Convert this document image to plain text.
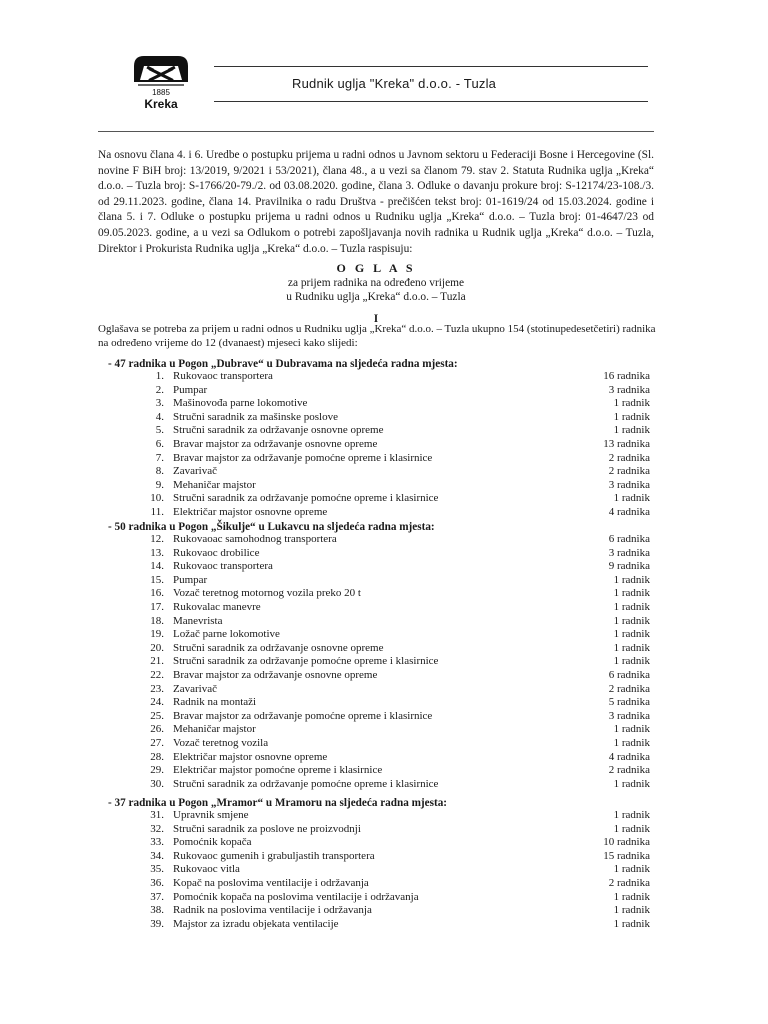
1885
Kreka
Rudnik uglja "Kreka" d.o.o. - Tuzla
Na osnovu člana 4. i 6. Uredbe o postupku prijema u radni odnos u Javnom sektoru u Federaciji Bosne i Hercegovine (Sl. novine F BiH broj: 13/2019, 9/2021 i 53/2021), člana 48., a u vezi sa članom 79. stav 2. Statuta Rudnika uglja „Kreka“ d.o.o. – Tuzla broj: S-1766/20-79./2. od 03.08.2020. godine, člana 3. Odluke o davanju prokure broj: S-12174/23-108./3. od 29.11.2023. godine, člana 14. Pravilnika o radu Društva - prečišćen tekst broj: 01-1619/24 od 15.03.2024. godine i člana 5. i 7. Odluke o postupku prijema u radni odnos u Rudniku uglja „Kreka“ d.o.o. – Tuzla broj: 01-4647/23 od 09.05.2023. godine, a u vezi sa Odlukom o potrebi zapošljavanja novih radnika u Rudnik uglja „Kreka“ d.o.o. – Tuzla, Direktor i Prokurista Rudnika uglja „Kreka“ d.o.o. – Tuzla raspisuju:
O G L A S
za prijem radnika na određeno vrijeme
u Rudniku uglja „Kreka“ d.o.o. – Tuzla
I
Oglašava se potreba za prijem u radni odnos u Rudniku uglja „Kreka“ d.o.o. – Tuzla ukupno 154 (stotinupedesetčetiri) radnika na određeno vrijeme do 12 (dvanaest) mjeseci kako slijedi:
- 47 radnika u Pogon „Dubrave“ u Dubravama na sljedeća radna mjesta:
1. Rukovaoc transportera	16 radnika
2. Pumpar	3 radnika
3. Mašinovođa parne lokomotive	1 radnik
4. Stručni saradnik za mašinske poslove	1 radnik
5. Stručni saradnik za održavanje osnovne opreme	1 radnik
6. Bravar majstor za održavanje osnovne opreme	13 radnika
7. Bravar majstor za održavanje pomoćne opreme i klasirnice	2 radnika
8. Zavarivač	2 radnika
9. Mehaničar majstor	3 radnika
10. Stručni saradnik za održavanje pomoćne opreme i klasirnice	1 radnik
11. Električar majstor osnovne opreme	4 radnika
- 50 radnika u Pogon „Šikulje“ u Lukavcu na sljedeća radna mjesta:
12. Rukovaoac samohodnog transportera	6 radnika
13. Rukovaoc drobilice	3 radnika
14. Rukovaoc transportera	9 radnika
15. Pumpar	1 radnik
16. Vozač teretnog motornog vozila preko 20 t	1 radnik
17. Rukovalac manevre	1 radnik
18. Manevrista	1 radnik
19. Ložač parne lokomotive	1 radnik
20. Stručni saradnik za održavanje osnovne opreme	1 radnik
21. Stručni saradnik za održavanje pomoćne opreme i klasirnice	1 radnik
22. Bravar majstor za održavanje osnovne opreme	6 radnika
23. Zavarivač	2 radnika
24. Radnik na montaži	5 radnika
25. Bravar majstor za održavanje pomoćne opreme i klasirnice	3 radnika
26. Mehaničar majstor	1 radnik
27. Vozač teretnog vozila	1 radnik
28. Električar majstor osnovne opreme	4 radnika
29. Električar majstor pomoćne opreme i klasirnice	2 radnika
30. Stručni saradnik za održavanje pomoćne opreme i klasirnice	1 radnik
- 37 radnika u Pogon „Mramor“ u Mramoru na sljedeća radna mjesta:
31. Upravnik smjene	1 radnik
32. Stručni saradnik za poslove ne proizvodnji	1 radnik
33. Pomoćnik kopača	10 radnika
34. Rukovaoc gumenih i grabuljastih transportera	15 radnika
35. Rukovaoc vitla	1 radnik
36. Kopač na poslovima ventilacije i održavanja	2 radnika
37. Pomoćnik kopača na poslovima ventilacije i održavanja	1 radnik
38. Radnik na poslovima ventilacije i održavanja	1 radnik
39. Majstor za izradu objekata ventilacije	1 radnik
